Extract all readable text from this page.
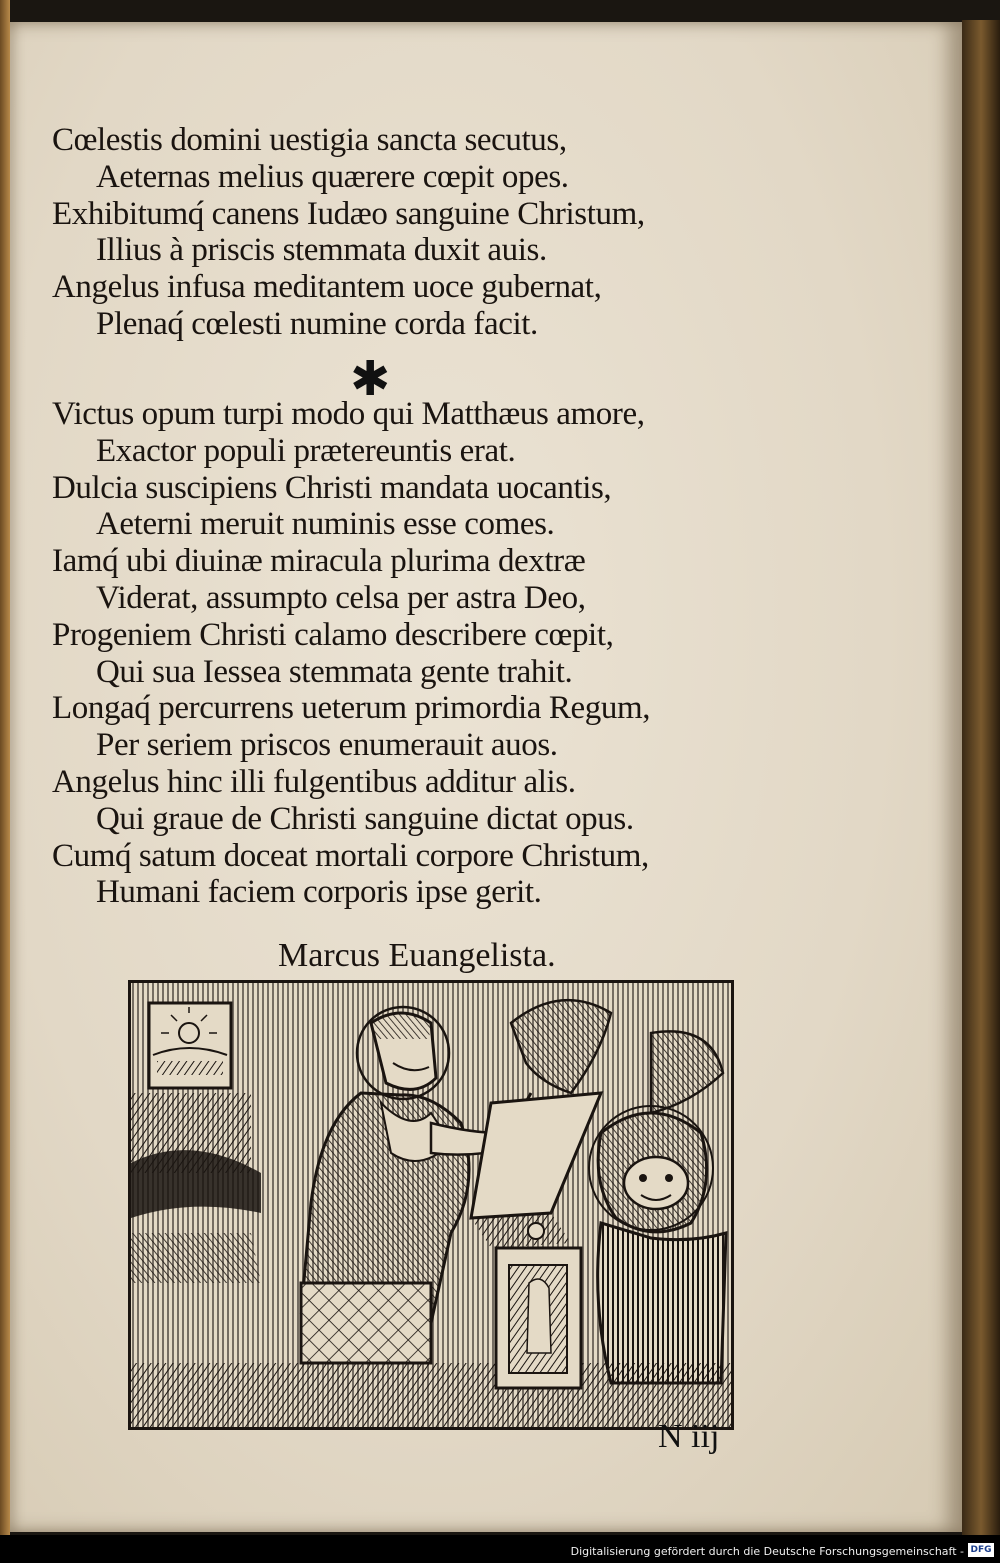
Cœlestis domini uestigia sancta secutus,
Aeternas melius quærere cœpit opes.
Exhibitumq́ canens Iudæo sanguine Christum,
Illius à priscis stemmata duxit auis.
Angelus infusa meditantem uoce gubernat,
Plenaq́ cœlesti numine corda facit.
✱
Victus opum turpi modo qui Matthæus amore,
Exactor populi prætereuntis erat.
Dulcia suscipiens Christi mandata uocantis,
Aeterni meruit numinis esse comes.
Iamq́ ubi diuinæ miracula plurima dextræ
Viderat, assumpto celsa per astra Deo,
Progeniem Christi calamo describere cœpit,
Qui sua Iessea stemmata gente trahit.
Longaq́ percurrens ueterum primordia Regum,
Per seriem priscos enumerauit auos.
Angelus hinc illi fulgentibus additur alis.
Qui graue de Christi sanguine dictat opus.
Cumq́ satum doceat mortali corpore Christum,
Humani faciem corporis ipse gerit.
Marcus Euangelista.
N iij
Digitalisierung gefördert durch die Deutsche Forschungsgemeinschaft - DFG
